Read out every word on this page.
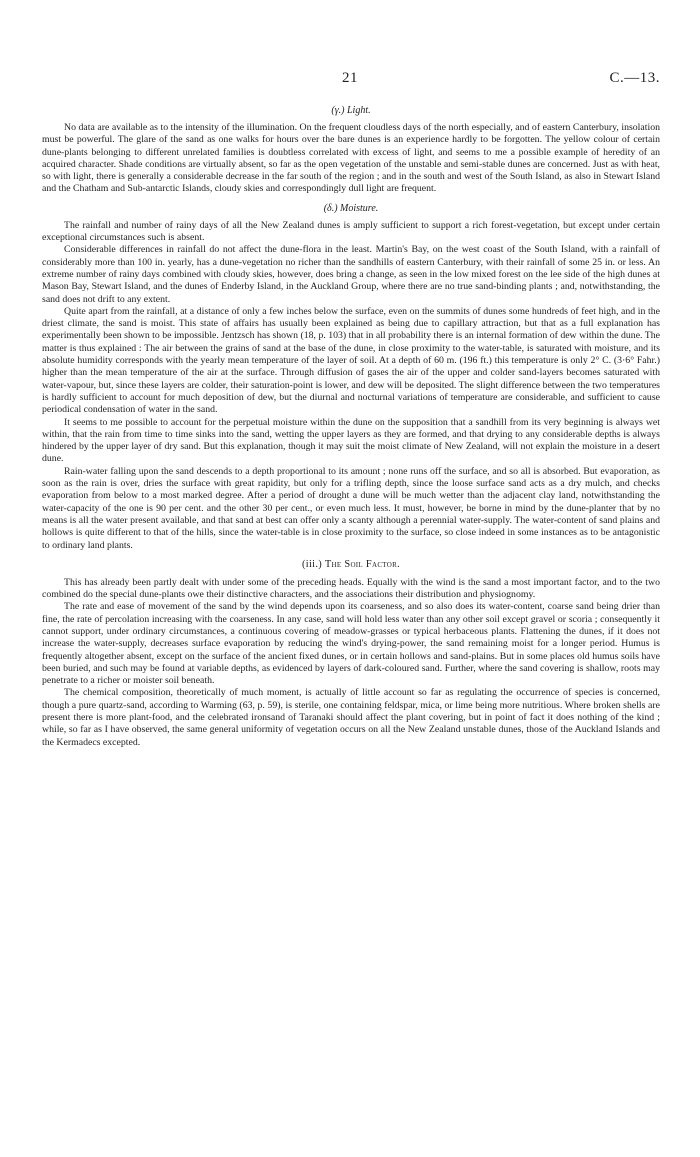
21	C.—13.
(γ.) Light.

No data are available as to the intensity of the illumination. On the frequent cloudless days of the north especially, and of eastern Canterbury, insolation must be powerful. The glare of the sand as one walks for hours over the bare dunes is an experience hardly to be forgotten. The yellow colour of certain dune-plants belonging to different unrelated families is doubtless correlated with excess of light, and seems to me a possible example of heredity of an acquired character. Shade conditions are virtually absent, so far as the open vegetation of the unstable and semi-stable dunes are concerned. Just as with heat, so with light, there is generally a considerable decrease in the far south of the region ; and in the south and west of the South Island, as also in Stewart Island and the Chatham and Sub-antarctic Islands, cloudy skies and correspondingly dull light are frequent.

(δ.) Moisture.

The rainfall and number of rainy days of all the New Zealand dunes is amply sufficient to support a rich forest-vegetation, but except under certain exceptional circumstances such is absent.

Considerable differences in rainfall do not affect the dune-flora in the least. Martin's Bay, on the west coast of the South Island, with a rainfall of considerably more than 100 in. yearly, has a dune-vegetation no richer than the sandhills of eastern Canterbury, with their rainfall of some 25 in. or less. An extreme number of rainy days combined with cloudy skies, however, does bring a change, as seen in the low mixed forest on the lee side of the high dunes at Mason Bay, Stewart Island, and the dunes of Enderby Island, in the Auckland Group, where there are no true sand-binding plants ; and, notwithstanding, the sand does not drift to any extent.

Quite apart from the rainfall, at a distance of only a few inches below the surface, even on the summits of dunes some hundreds of feet high, and in the driest climate, the sand is moist. This state of affairs has usually been explained as being due to capillary attraction, but that as a full explanation has experimentally been shown to be impossible. Jentzsch has shown (18, p. 103) that in all probability there is an internal formation of dew within the dune. The matter is thus explained : The air between the grains of sand at the base of the dune, in close proximity to the water-table, is saturated with moisture, and its absolute humidity corresponds with the yearly mean temperature of the layer of soil. At a depth of 60 m. (196 ft.) this temperature is only 2° C. (3·6° Fahr.) higher than the mean temperature of the air at the surface. Through diffusion of gases the air of the upper and colder sand-layers becomes saturated with water-vapour, but, since these layers are colder, their saturation-point is lower, and dew will be deposited. The slight difference between the two temperatures is hardly sufficient to account for much deposition of dew, but the diurnal and nocturnal variations of temperature are considerable, and sufficient to cause periodical condensation of water in the sand.

It seems to me possible to account for the perpetual moisture within the dune on the supposition that a sandhill from its very beginning is always wet within, that the rain from time to time sinks into the sand, wetting the upper layers as they are formed, and that drying to any considerable depths is always hindered by the upper layer of dry sand. But this explanation, though it may suit the moist climate of New Zealand, will not explain the moisture in a desert dune.

Rain-water falling upon the sand descends to a depth proportional to its amount ; none runs off the surface, and so all is absorbed. But evaporation, as soon as the rain is over, dries the surface with great rapidity, but only for a trifling depth, since the loose surface sand acts as a dry mulch, and checks evaporation from below to a most marked degree. After a period of drought a dune will be much wetter than the adjacent clay land, notwithstanding the water-capacity of the one is 90 per cent. and the other 30 per cent., or even much less. It must, however, be borne in mind by the dune-planter that by no means is all the water present available, and that sand at best can offer only a scanty although a perennial water-supply. The water-content of sand plains and hollows is quite different to that of the hills, since the water-table is in close proximity to the surface, so close indeed in some instances as to be antagonistic to ordinary land plants.

(iii.) The Soil Factor.

This has already been partly dealt with under some of the preceding heads. Equally with the wind is the sand a most important factor, and to the two combined do the special dune-plants owe their distinctive characters, and the associations their distribution and physiognomy.

The rate and ease of movement of the sand by the wind depends upon its coarseness, and so also does its water-content, coarse sand being drier than fine, the rate of percolation increasing with the coarseness. In any case, sand will hold less water than any other soil except gravel or scoria ; consequently it cannot support, under ordinary circumstances, a continuous covering of meadow-grasses or typical herbaceous plants. Flattening the dunes, if it does not increase the water-supply, decreases surface evaporation by reducing the wind's drying-power, the sand remaining moist for a longer period. Humus is frequently altogether absent, except on the surface of the ancient fixed dunes, or in certain hollows and sand-plains. But in some places old humus soils have been buried, and such may be found at variable depths, as evidenced by layers of dark-coloured sand. Further, where the sand covering is shallow, roots may penetrate to a richer or moister soil beneath.

The chemical composition, theoretically of much moment, is actually of little account so far as regulating the occurrence of species is concerned, though a pure quartz-sand, according to Warming (63, p. 59), is sterile, one containing feldspar, mica, or lime being more nutritious. Where broken shells are present there is more plant-food, and the celebrated ironsand of Taranaki should affect the plant covering, but in point of fact it does nothing of the kind ; while, so far as I have observed, the same general uniformity of vegetation occurs on all the New Zealand unstable dunes, those of the Auckland Islands and the Kermadecs excepted.
